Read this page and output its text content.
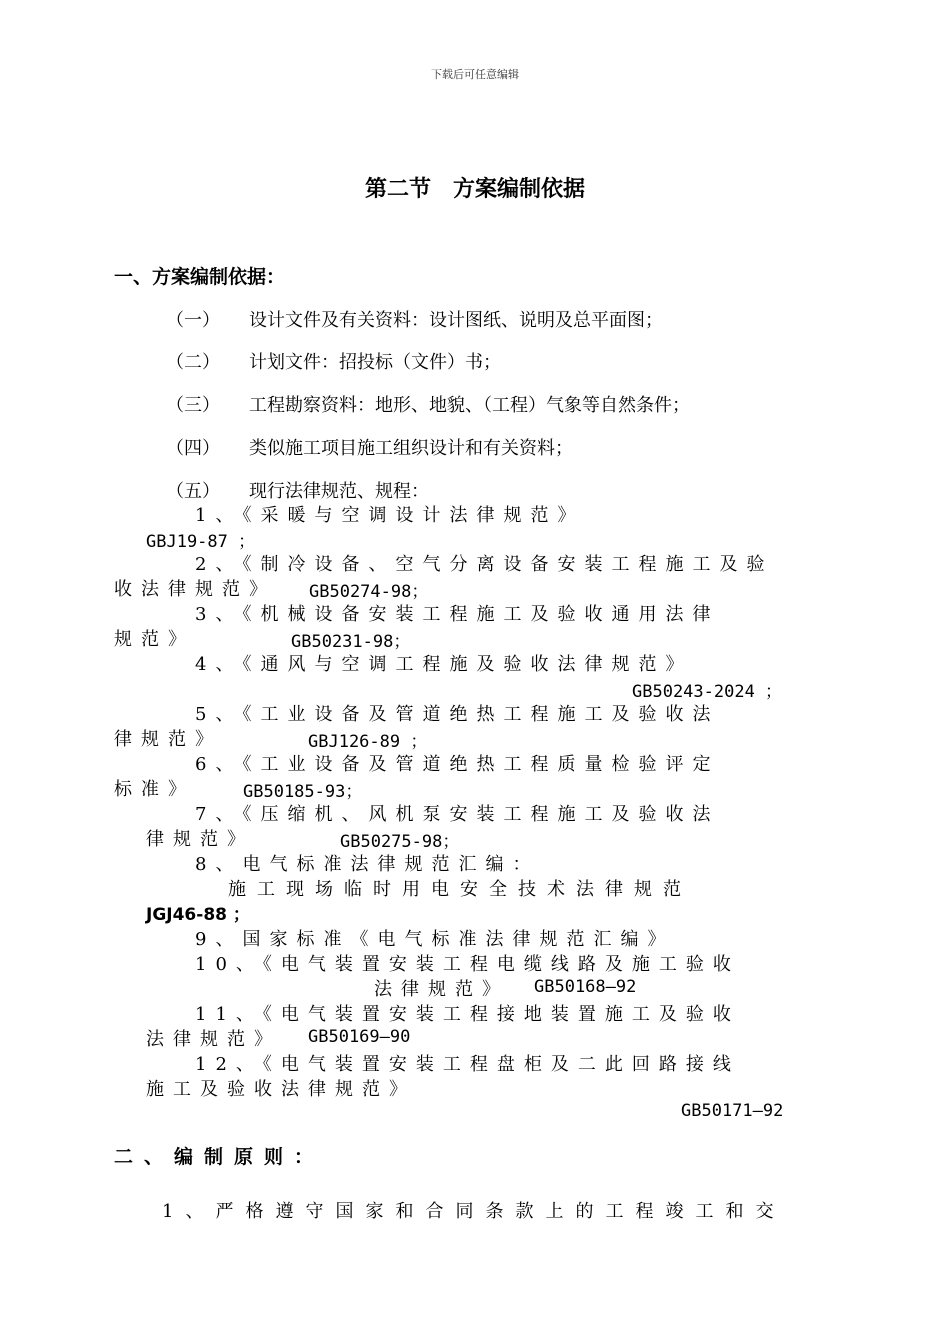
下载后可任意编辑
第二节　方案编制依据
一、方案编制依据：
（一） 设计文件及有关资料：设计图纸、说明及总平面图；
（二） 计划文件：招投标（文件）书；
（三） 工程勘察资料：地形、地貌、（工程）气象等自然条件；
（四） 类似施工项目施工组织设计和有关资料；
（五） 现行法律规范、规程：
1、《采暖与空调设计法律规范》
GBJ19-87 ；
2、《制冷设备、空气分离设备安装工程施工及验
收法律规范》 GB50274-98；
3、《机械设备安装工程施工及验收通用法律
规范》	GB50231-98；
4、《通风与空调工程施及验收法律规范》
GB50243-2024 ；
5、《工业设备及管道绝热工程施工及验收法
律规范》	GBJ126-89 ；
6、《工业设备及管道绝热工程质量检验评定
标准》	GB50185-93；
7、《压缩机、风机泵安装工程施工及验收法
律规范》	GB50275-98；
8、电气标准法律规范汇编：
施工现场临时用电安全技术法律规范
JGJ46-88 ；
9、国家标准《电气标准法律规范汇编》
10、《电气装置安装工程电缆线路及施工验收
法律规范》 GB50168—92
11、《电气装置安装工程接地装置施工及验收
法律规范》 GB50169—90
12、《电气装置安装工程盘柜及二此回路接线
施工及验收法律规范》
GB50171—92
二、编制原则：
1、严格遵守国家和合同条款上的工程竣工和交
